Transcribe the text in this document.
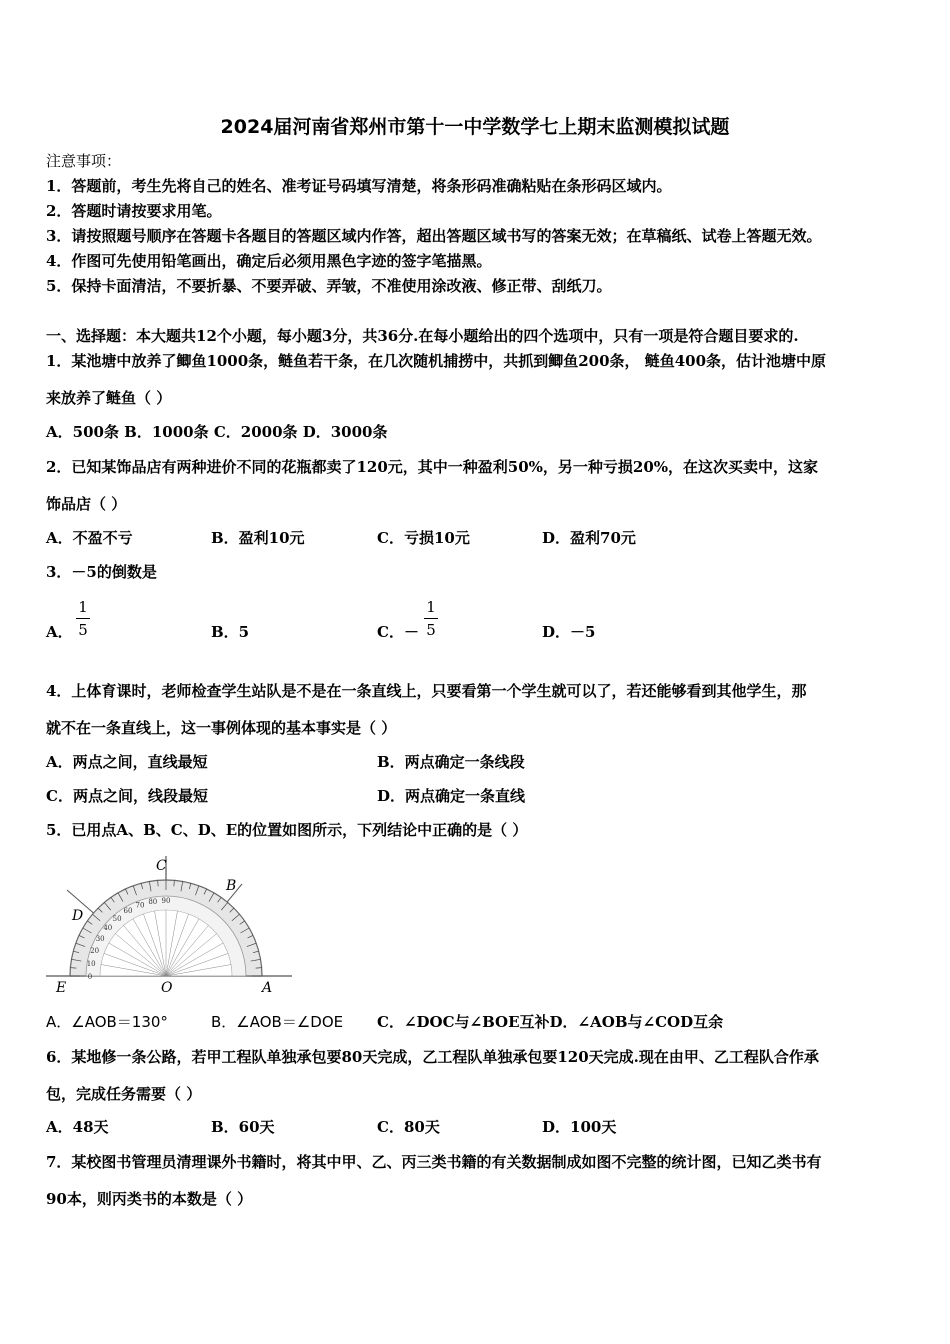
2024届河南省郑州市第十一中学数学七上期末监测模拟试题
注意事项：
1．答题前，考生先将自己的姓名、准考证号码填写清楚，将条形码准确粘贴在条形码区域内。
2．答题时请按要求用笔。
3．请按照题号顺序在答题卡各题目的答题区域内作答，超出答题区域书写的答案无效；在草稿纸、试卷上答题无效。
4．作图可先使用铅笔画出，确定后必须用黑色字迹的签字笔描黑。
5．保持卡面清洁，不要折暴、不要弄破、弄皱，不准使用涂改液、修正带、刮纸刀。
一、选择题：本大题共12个小题，每小题3分，共36分.在每小题给出的四个选项中，只有一项是符合题目要求的.
1．某池塘中放养了鲫鱼1000条，鲢鱼若干条，在几次随机捕捞中，共抓到鲫鱼200条， 鲢鱼400条，估计池塘中原
来放养了鲢鱼（ ）
A．500条 B．1000条 C．2000条 D．3000条
2．已知某饰品店有两种进价不同的花瓶都卖了120元，其中一种盈利50%，另一种亏损20%，在这次买卖中，这家
饰品店（ ）
A．不盈不亏	B．盈利10元	C．亏损10元	D．盈利70元
3．－5的倒数是
A．
1
5	B．5	C．－
1
5	D．－5
4．上体育课时，老师检查学生站队是不是在一条直线上，只要看第一个学生就可以了，若还能够看到其他学生，那
就不在一条直线上，这一事例体现的基本事实是（ ）
A．两点之间，直线最短	B．两点确定一条线段
C．两点之间，线段最短	D．两点确定一条直线
5．已用点A、B、C、D、E的位置如图所示，下列结论中正确的是（ ）
0
10
20
30
40
50
60
70 80 90
C
B
D
E	O	A
A．∠AOB＝130°	B．∠AOB＝∠DOE C．∠DOC与∠BOE互补D．∠AOB与∠COD互余
6．某地修一条公路，若甲工程队单独承包要80天完成，乙工程队单独承包要120天完成.现在由甲、乙工程队合作承
包，完成任务需要（ ）
A．48天	B．60天	C．80天	D．100天
7．某校图书管理员清理课外书籍时，将其中甲、乙、丙三类书籍的有关数据制成如图不完整的统计图，已知乙类书有
90本，则丙类书的本数是（ ）
